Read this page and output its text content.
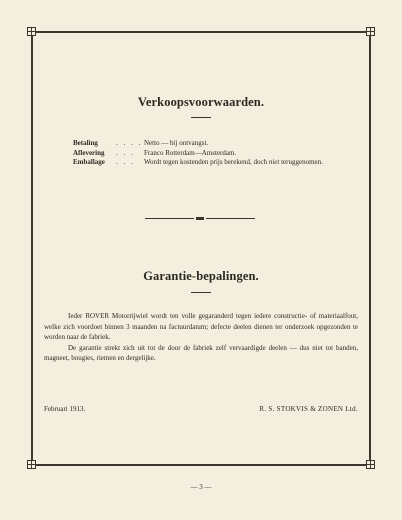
Verkoopsvoorwaarden.
Betaling	. . . . Netto — bij ontvangst.
Aflevering	. . .	Franco Rotterdam—Amsterdam.
Emballage	. . .	Wordt tegen kostenden prijs berekend, doch niet teruggenomen.
Garantie-bepalingen.

Ieder ROVER Motorrijwiel wordt ten volle gegaranderd tegen iedere constructie- of materiaalfout, welke zich voordoet binnen 3 maanden na factuurdatum; defecte deelen dienen ter onderzoek opgezonden te worden naar de fabriek.

De garantie strekt zich uit tot de door de fabriek zelf vervaardigde deelen — dus niet tot banden, magneet, bougies, riemen en dergelijke.

Februari 1913.	R. S. STOKVIS & ZONEN Ltd.
— 3 —
